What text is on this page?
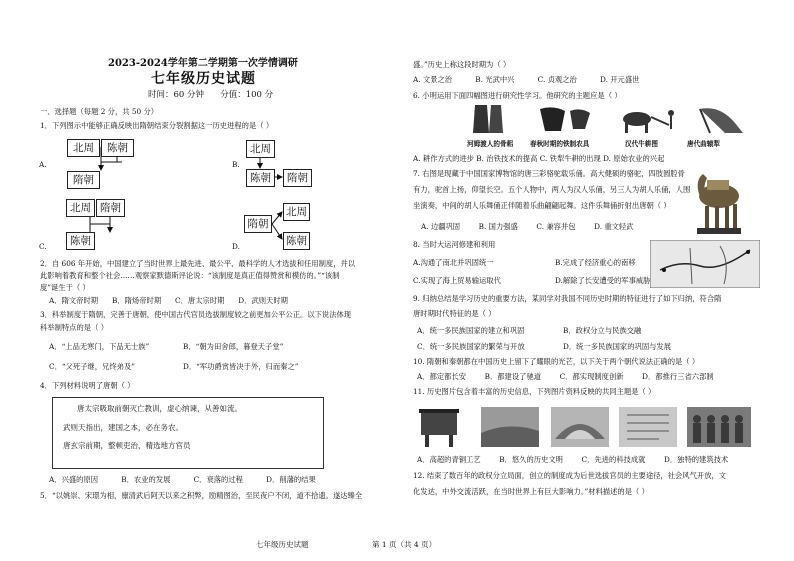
2023-2024学年第二学期第一次学情调研
七年级历史试题
时间：60 分钟      分值：100 分
一、选择题（每题 2 分，共 50 分）
1．下列图示中能够正确反映出隋朝结束分裂割据这一历史进程的是（ ）
A.
北周	陈朝
隋朝
B.
北周
陈朝	隋朝
C.
北周 隋朝
陈朝	D.
隋朝
北周
陈朝
2．自 606 年开始，中国建立了当时世界上最先进、最公平、最科学的人才选拔和任用制度，并以
此影响着教育和整个社会……观察家默德斯评论说：“该制度是真正值得赞赏和模仿的。”“该制
度”诞生于（ ）
A．隋文帝时期      B．隋炀帝时期      C．唐太宗时期      D．武则天时期
3．科举制度于隋朝，完善于唐朝，使中国古代官员选拔制度较之前更加公平公正。以下说法体现
科举制特点的是（ ）
A．“上品无寒门，下品无士族”	B．“朝为田舍郎，暮登天子堂”
C．“父死子继，兄终弟及”	D．“军功爵赏皆决于外，归而秦之”
4．下列材料说明了唐朝（ ）
唐太宗吸取前朝灭亡教训，虚心纳谏，从善如流。
武则天指出，建国之本，必在务农。
唐玄宗前期，整顿吏治，精选地方官员
A．兴盛的原因          B．农业的发展          C．衰落的过程          D．削藩的结果
5．“以姚崇、宋璟为相，廪清武后阿天以来之积弊，励精图治，至民夜户不闭，道不拾遗。遂达臻全
七年级历史试题
盛。”历史上称这段时期为（ ）
A. 文景之治          B. 光武中兴          C. 贞观之治          D. 开元盛世
6. 小明运用下面四幅图进行研究性学习。他研究的主题应是（ ）
河姆渡人的骨耜	春秋时期的铁制农具	汉代牛耕图	唐代曲辕犁
A. 耕作方式的进步 B. 治铁技术的提高 C. 铁犁牛耕的出现 D. 原始农业的兴起
7. 右图是现藏于中国国家博物馆的唐三彩骆驼载乐俑。高大健硕的骆驼，四肢圆腔骨
有力，驼首上扬，仰望长空。五个人物中，两人为汉人乐俑，另三人为胡人乐俑，人围
坐演奏，中间的胡人乐舞俑正伴随着乐曲翩翩起舞。这件乐舞俑折射出唐朝（ ）
A. 边疆巩固        B. 国力强盛        C. 兼容并包        D. 重文轻武
8. 当时大运河修建和利用
A.沟通了南北并巩固统一	B.完成了经济重心的南移
C.实现了海上贸易输运取代	D.解除了长安遭受的军事威胁
9. 归纳总结是学习历史的重要方法，某同学对我国不同历史时期的特征进行了如下归纳，符合隋
唐时期时代特征的是（ ）
A．统一多民族国家的建立和巩固	B．政权分立与民族交融
C．统一多民族国家的繁荣与开放	D．统一多民族国家的巩固与发展
10. 隋朝和秦朝都在中国历史上留下了耀眼的光芒，以下关于两个朝代说法正确的是（ ）
A．都定都长安        B．都建设了驰道        C．都实现制度创新        D．都推行三省六部制
11. 历史图片包含着丰富的历史信息，下列图片资料反映的共同主题是（ ）
A．高超的青铜工艺        B．悠久的历史文明        C．先进的科技成就        D．独特的建筑技术
12. 结束了数百年的政权分立局面，创立的制度成为后世选拔官员的主要途径，社会风气开放，文
化发达，中外交流活跃，在当时世界上有巨大影响力。”材料描述的是（ ）
第 1 页（共 4 页）
